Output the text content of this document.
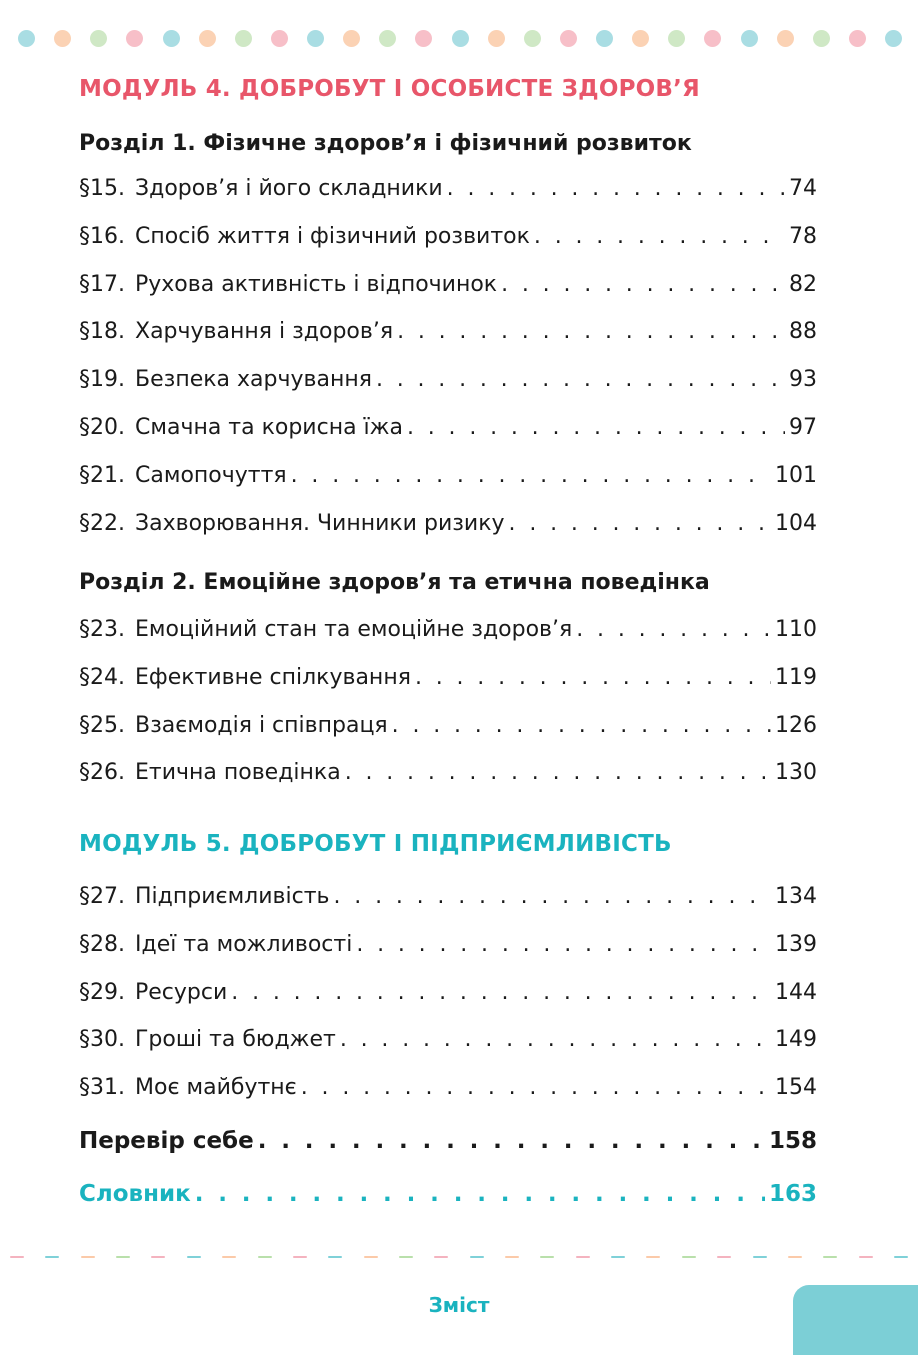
МОДУЛЬ 4. ДОБРОБУТ І ОСОБИСТЕ ЗДОРОВ’Я
Розділ 1. Фізичне здоров’я і фізичний розвиток
§15. Здоров’я і його складники . . .	74
§16. Спосіб життя і фізичний розвиток . . .	78
§17. Рухова активність і відпочинок . . .	82
§18. Харчування і здоров’я . . .	88
§19. Безпека харчування . . .	93
§20. Смачна та корисна їжа . . .	97
§21. Самопочуття . . .	101
§22. Захворювання. Чинники ризику . . .	104
Розділ 2. Емоційне здоров’я та етична поведінка
§23. Емоційний стан та емоційне здоров’я . . .	110
§24. Ефективне спілкування . . .	119
§25. Взаємодія і співпраця . . .	126
§26. Етична поведінка . . .	130
МОДУЛЬ 5. ДОБРОБУТ І ПІДПРИЄМЛИВІСТЬ
§27. Підприємливість . . .	134
§28. Ідеї та можливості . . .	139
§29. Ресурси . . .	144
§30. Гроші та бюджет . . .	149
§31. Моє майбутнє . . .	154
Перевір себе . . .	158
Словник . . .	163
Зміст
